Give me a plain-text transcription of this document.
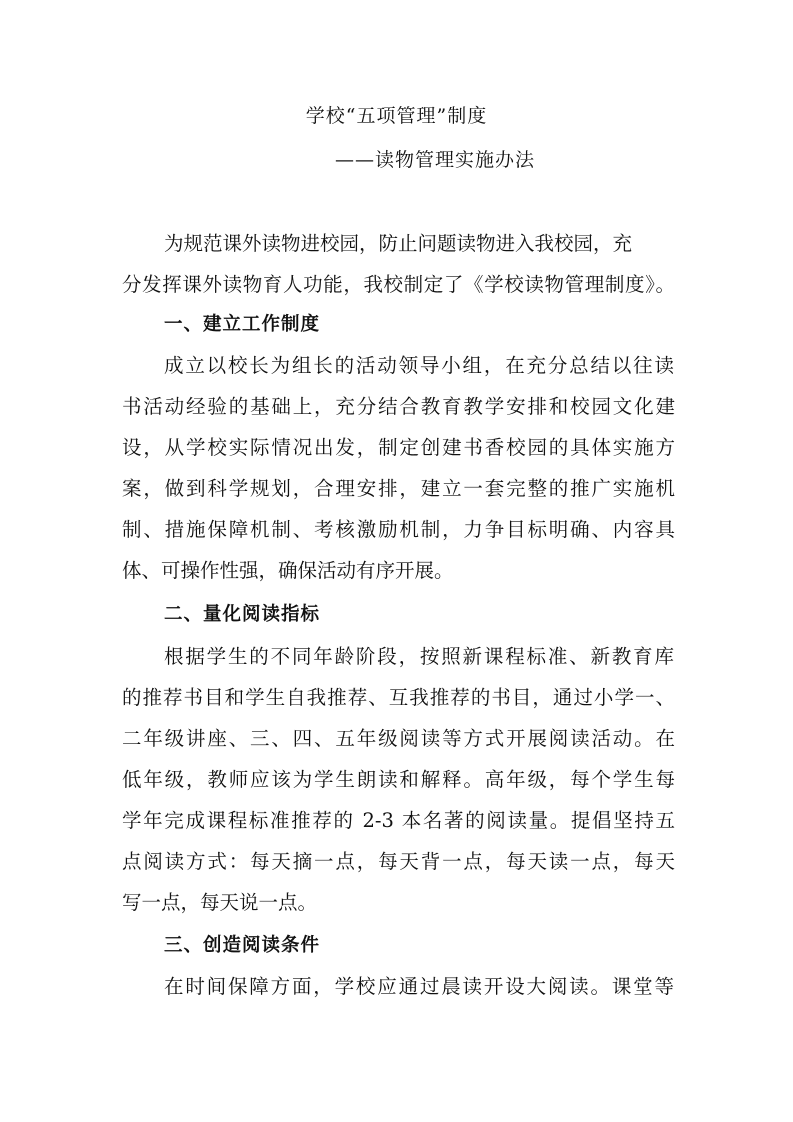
学校“五项管理”制度
——读物管理实施办法
为规范课外读物进校园，防止问题读物进入我校园，充
分发挥课外读物育人功能，我校制定了《学校读物管理制度》。
一、建立工作制度
成立以校长为组长的活动领导小组，在充分总结以往读
书活动经验的基础上，充分结合教育教学安排和校园文化建
设，从学校实际情况出发，制定创建书香校园的具体实施方
案，做到科学规划，合理安排，建立一套完整的推广实施机
制、措施保障机制、考核激励机制，力争目标明确、内容具
体、可操作性强，确保活动有序开展。
二、量化阅读指标
根据学生的不同年龄阶段，按照新课程标准、新教育库
的推荐书目和学生自我推荐、互我推荐的书目，通过小学一、
二年级讲座、三、四、五年级阅读等方式开展阅读活动。在
低年级，教师应该为学生朗读和解释。高年级，每个学生每
学年完成课程标准推荐的 2-3 本名著的阅读量。提倡坚持五
点阅读方式：每天摘一点，每天背一点，每天读一点，每天
写一点，每天说一点。
三、创造阅读条件
在时间保障方面，学校应通过晨读开设大阅读。课堂等
